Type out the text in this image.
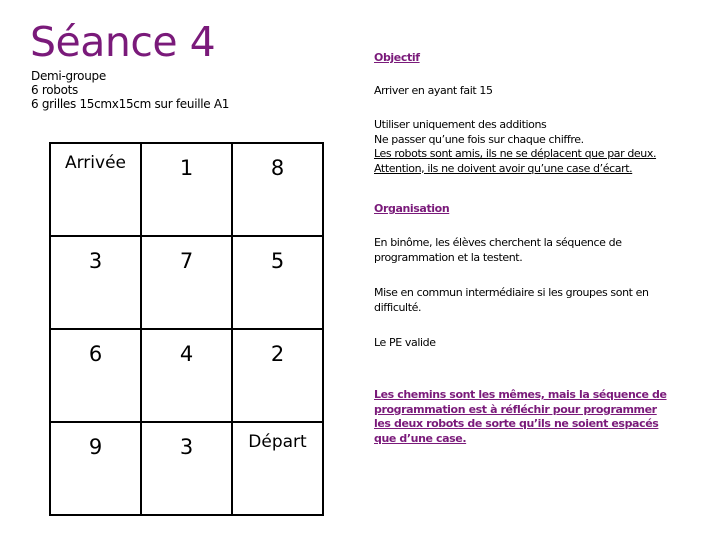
Séance 4
Demi-groupe
6 robots
6 grilles 15cmx15cm sur feuille A1
Arrivée	1	8

3	7	5

6	4	2

9	3	Départ
Objectif
Arriver en ayant fait 15
Utiliser uniquement des additions
Ne passer qu’une fois sur chaque chiffre.
Les robots sont amis, ils ne se déplacent que par deux.
Attention, ils ne doivent avoir qu’une case d’écart.
Organisation
En binôme, les élèves cherchent la séquence de programmation et la testent.
Mise en commun intermédiaire si les groupes sont en difficulté.
Le PE valide
Les chemins sont les mêmes, mais la séquence de programmation est à réfléchir pour programmer les deux robots de sorte qu’ils ne soient espacés que d’une case.
